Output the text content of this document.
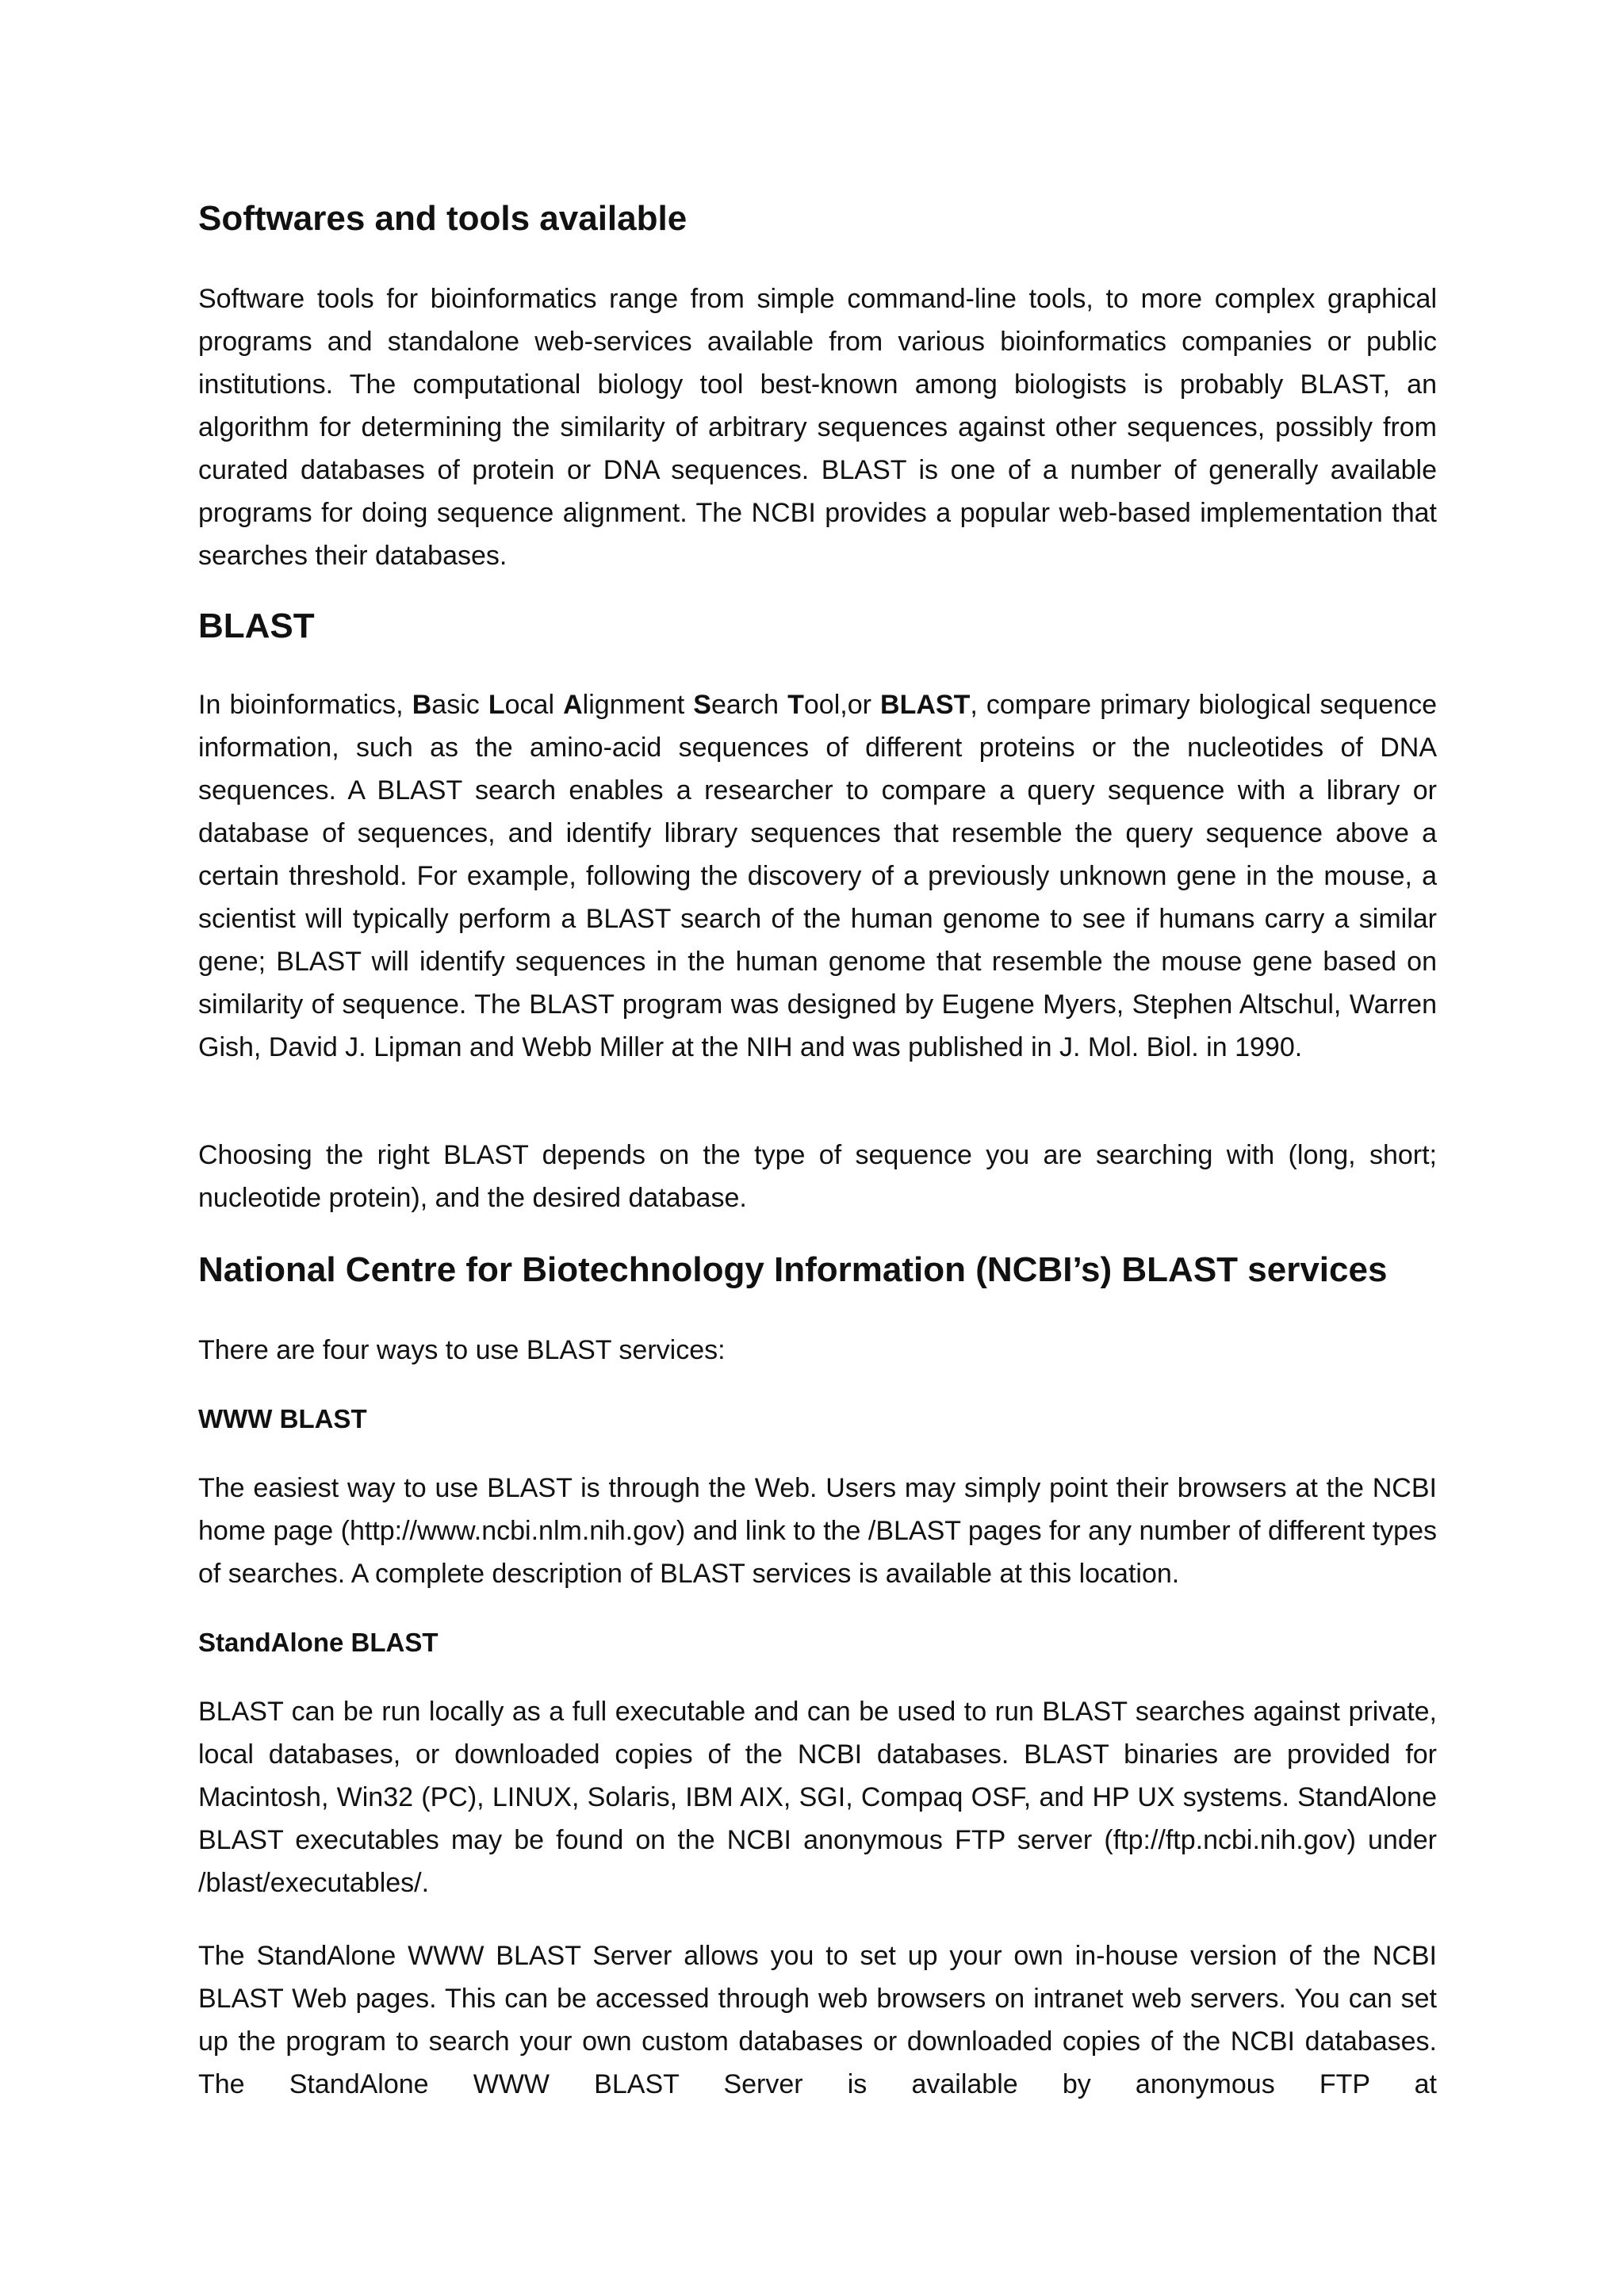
Softwares and tools available

Software tools for bioinformatics range from simple command-line tools, to more complex graphical programs and standalone web-services available from various bioinformatics companies or public institutions. The computational biology tool best-known among biologists is probably BLAST, an algorithm for determining the similarity of arbitrary sequences against other sequences, possibly from curated databases of protein or DNA sequences. BLAST is one of a number of generally available programs for doing sequence alignment. The NCBI provides a popular web-based implementation that searches their databases.

BLAST

In bioinformatics, Basic Local Alignment Search Tool,or BLAST, compare primary biological sequence information, such as the amino-acid sequences of different proteins or the nucleotides of DNA sequences. A BLAST search enables a researcher to compare a query sequence with a library or database of sequences, and identify library sequences that resemble the query sequence above a certain threshold. For example, following the discovery of a previously unknown gene in the mouse, a scientist will typically perform a BLAST search of the human genome to see if humans carry a similar gene; BLAST will identify sequences in the human genome that resemble the mouse gene based on similarity of sequence. The BLAST program was designed by Eugene Myers, Stephen Altschul, Warren Gish, David J. Lipman and Webb Miller at the NIH and was published in J. Mol. Biol. in 1990.

Choosing the right BLAST depends on the type of sequence you are searching with (long, short; nucleotide protein), and the desired database.

National Centre for Biotechnology Information (NCBI’s) BLAST services

There are four ways to use BLAST services:

WWW BLAST

The easiest way to use BLAST is through the Web. Users may simply point their browsers at the NCBI home page (http://www.ncbi.nlm.nih.gov) and link to the /BLAST pages for any number of different types of searches. A complete description of BLAST services is available at this location.

StandAlone BLAST

BLAST can be run locally as a full executable and can be used to run BLAST searches against private, local databases, or downloaded copies of the NCBI databases. BLAST binaries are provided for Macintosh, Win32 (PC), LINUX, Solaris, IBM AIX, SGI, Compaq OSF, and HP UX systems. StandAlone BLAST executables may be found on the NCBI anonymous FTP server (ftp://ftp.ncbi.nih.gov) under /blast/executables/.

The StandAlone WWW BLAST Server allows you to set up your own in-house version of the NCBI BLAST Web pages. This can be accessed through web browsers on intranet web servers. You can set up the program to search your own custom databases or downloaded copies of the NCBI databases. The StandAlone WWW BLAST Server is available by anonymous FTP at
